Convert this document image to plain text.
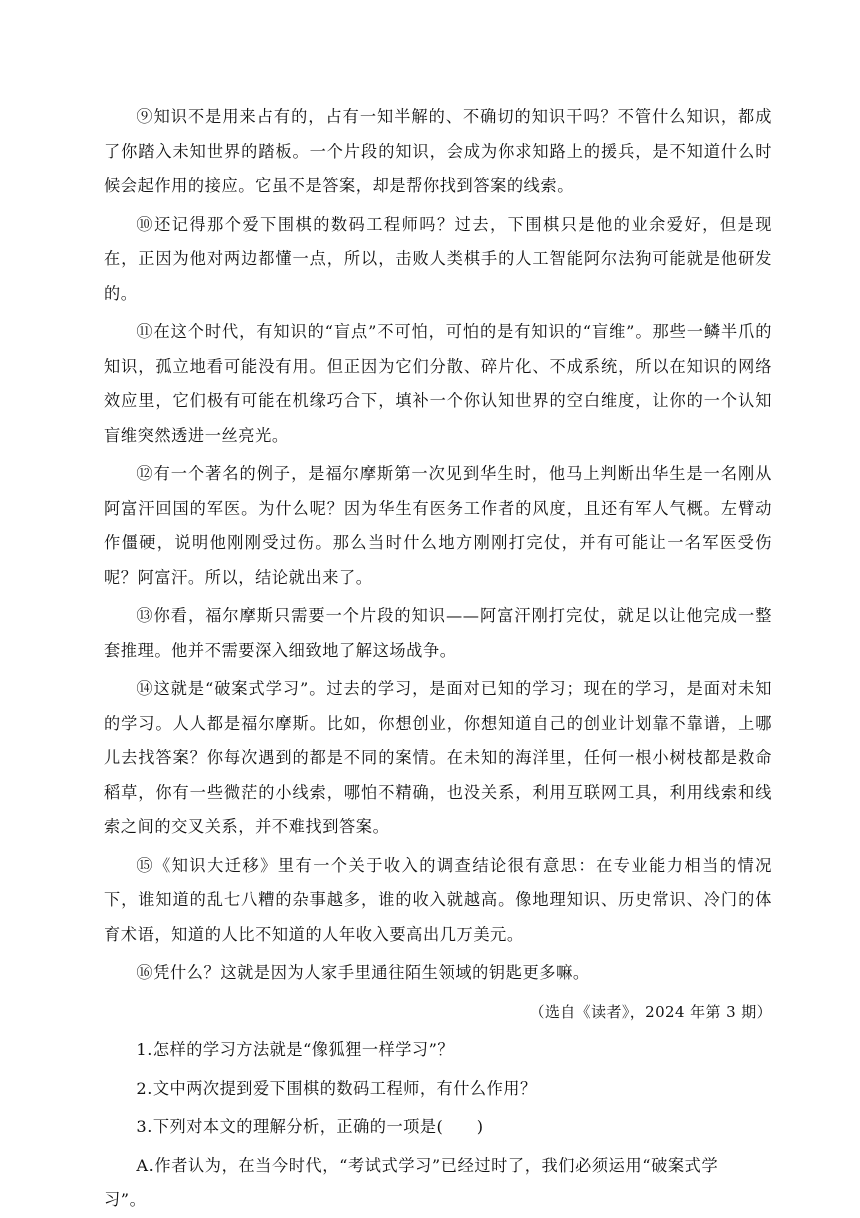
⑨知识不是用来占有的，占有一知半解的、不确切的知识干吗？不管什么知识，都成了你踏入未知世界的踏板。一个片段的知识，会成为你求知路上的援兵，是不知道什么时候会起作用的接应。它虽不是答案，却是帮你找到答案的线索。

⑩还记得那个爱下围棋的数码工程师吗？过去，下围棋只是他的业余爱好，但是现在，正因为他对两边都懂一点，所以，击败人类棋手的人工智能阿尔法狗可能就是他研发的。

⑪在这个时代，有知识的“盲点”不可怕，可怕的是有知识的“盲维”。那些一鳞半爪的知识，孤立地看可能没有用。但正因为它们分散、碎片化、不成系统，所以在知识的网络效应里，它们极有可能在机缘巧合下，填补一个你认知世界的空白维度，让你的一个认知盲维突然透进一丝亮光。

⑫有一个著名的例子，是福尔摩斯第一次见到华生时，他马上判断出华生是一名刚从阿富汗回国的军医。为什么呢？因为华生有医务工作者的风度，且还有军人气概。左臂动作僵硬，说明他刚刚受过伤。那么当时什么地方刚刚打完仗，并有可能让一名军医受伤呢？阿富汗。所以，结论就出来了。

⑬你看，福尔摩斯只需要一个片段的知识——阿富汗刚打完仗，就足以让他完成一整套推理。他并不需要深入细致地了解这场战争。

⑭这就是“破案式学习”。过去的学习，是面对已知的学习；现在的学习，是面对未知的学习。人人都是福尔摩斯。比如，你想创业，你想知道自己的创业计划靠不靠谱，上哪儿去找答案？你每次遇到的都是不同的案情。在未知的海洋里，任何一根小树枝都是救命稻草，你有一些微茫的小线索，哪怕不精确，也没关系，利用互联网工具，利用线索和线索之间的交叉关系，并不难找到答案。

⑮《知识大迁移》里有一个关于收入的调查结论很有意思：在专业能力相当的情况下，谁知道的乱七八糟的杂事越多，谁的收入就越高。像地理知识、历史常识、冷门的体育术语，知道的人比不知道的人年收入要高出几万美元。

⑯凭什么？这就是因为人家手里通往陌生领域的钥匙更多嘛。

（选自《读者》，2024 年第 3 期）

1.怎样的学习方法就是“像狐狸一样学习”？

2.文中两次提到爱下围棋的数码工程师，有什么作用？

3.下列对本文的理解分析，正确的一项是(　　)

A.作者认为，在当今时代，“考试式学习”已经过时了，我们必须运用“破案式学习”。
